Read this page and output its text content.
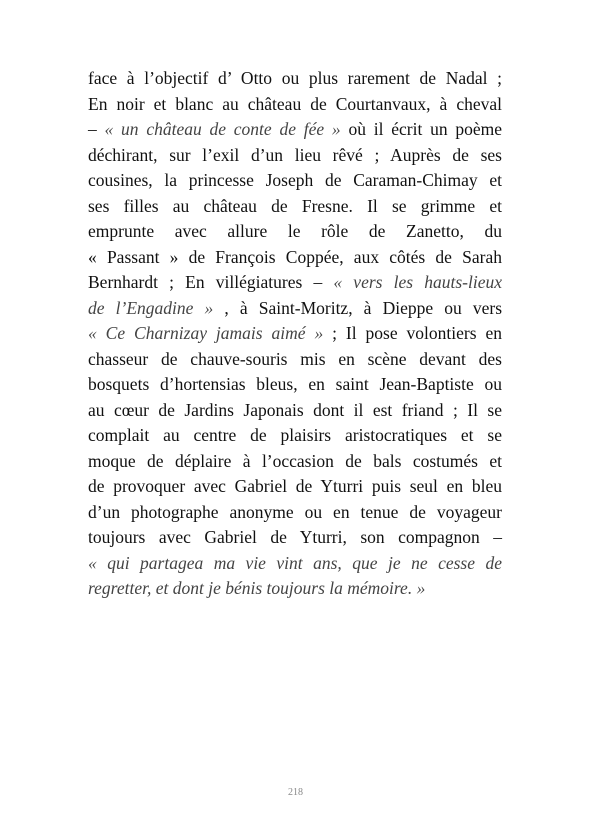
face à l’objectif d’ Otto ou plus rarement de Nadal ;
En noir et blanc au château de Courtanvaux, à cheval
– « un château de conte de fée » où il écrit un poème
déchirant, sur l’exil d’un lieu rêvé ; Auprès de ses
cousines, la princesse Joseph de Caraman-Chimay et
ses filles au château de Fresne. Il se grimme et
emprunte avec allure le rôle de Zanetto, du
« Passant » de François Coppée, aux côtés de Sarah
Bernhardt ; En villégiatures – « vers les hauts-lieux
de l’Engadine » , à Saint-Moritz, à Dieppe ou vers
« Ce Charnizay jamais aimé » ; Il pose volontiers en
chasseur de chauve-souris mis en scène devant des
bosquets d’hortensias bleus, en saint Jean-Baptiste ou
au cœur de Jardins Japonais dont il est friand ; Il se
complait au centre de plaisirs aristocratiques et se
moque de déplaire à l’occasion de bals costumés et
de provoquer avec Gabriel de Yturri puis seul en bleu
d’un photographe anonyme ou en tenue de voyageur
toujours avec Gabriel de Yturri, son compagnon –
« qui partagea ma vie vint ans, que je ne cesse de
regretter, et dont je bénis toujours la mémoire. »
218
